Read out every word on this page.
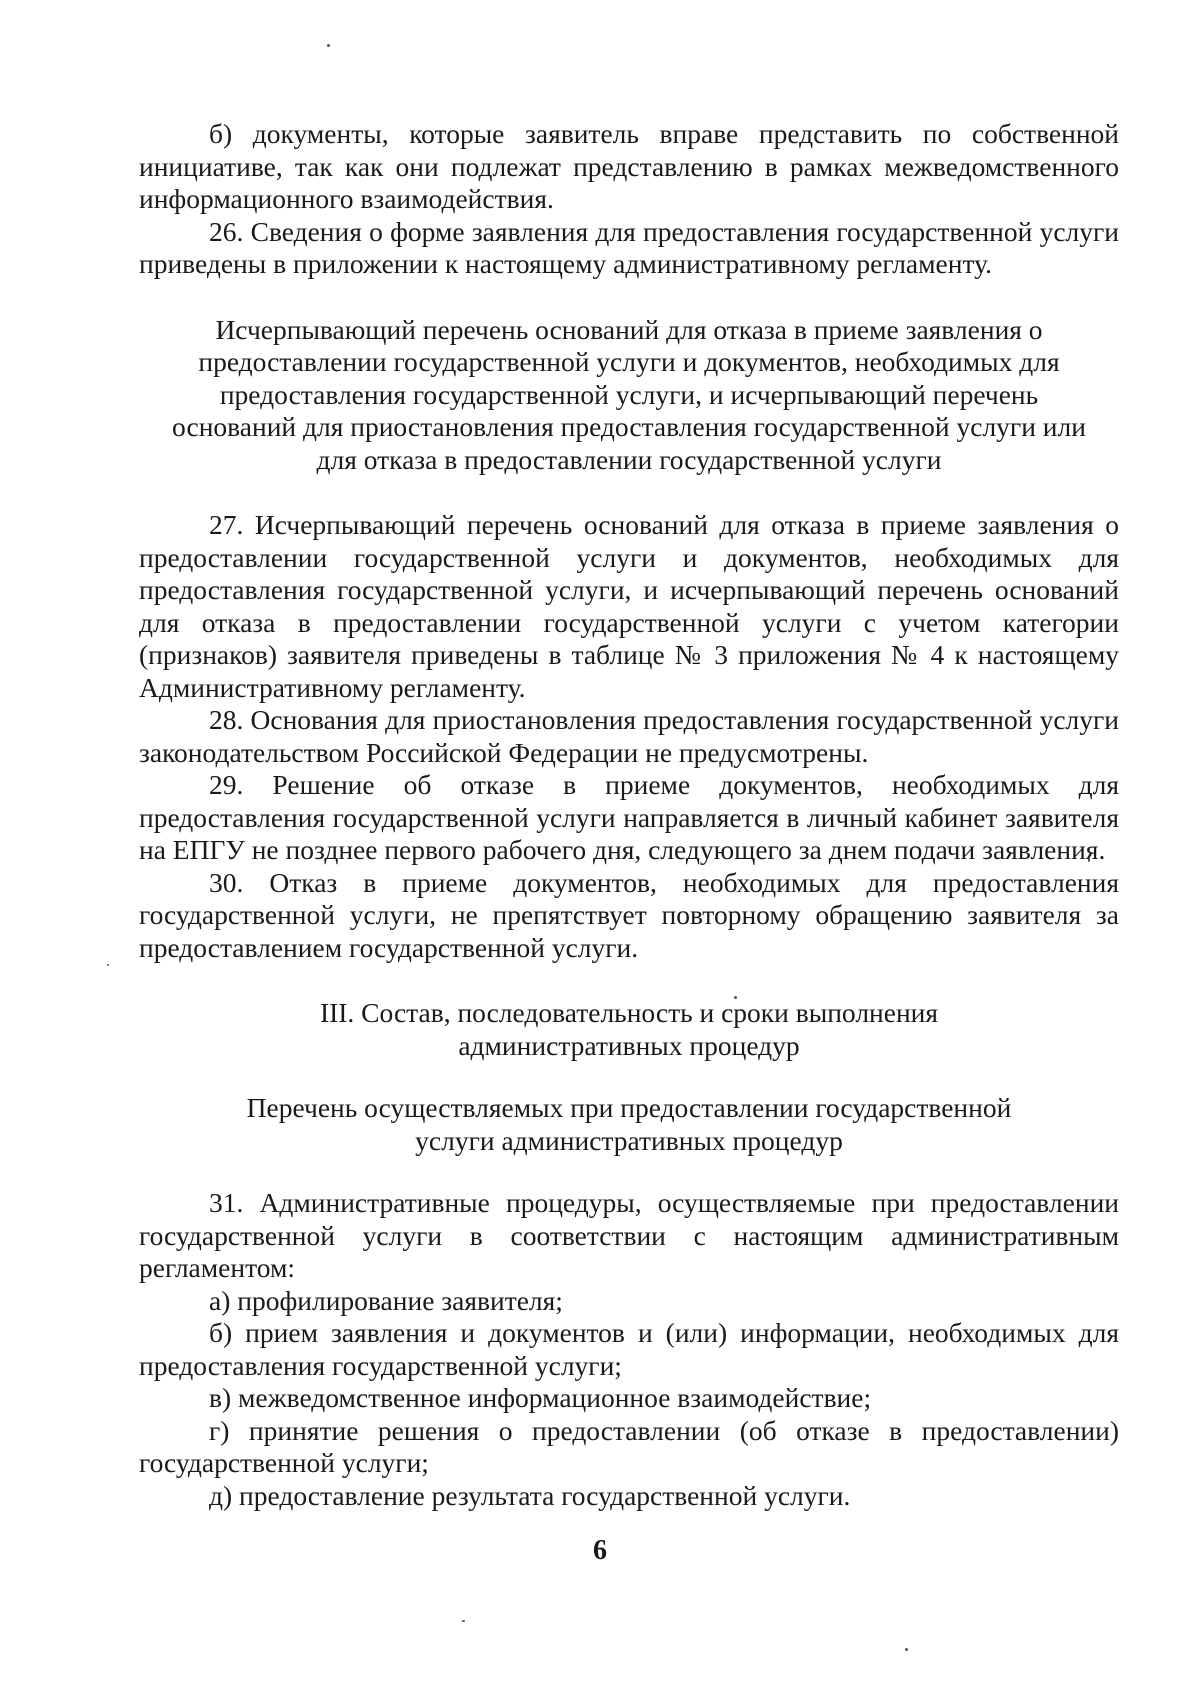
б) документы, которые заявитель вправе представить по собственной инициативе, так как они подлежат представлению в рамках межведомственного информационного взаимодействия.

26. Сведения о форме заявления для предоставления государственной услуги приведены в приложении к настоящему административному регламенту.

Исчерпывающий перечень оснований для отказа в приеме заявления о предоставлении государственной услуги и документов, необходимых для предоставления государственной услуги, и исчерпывающий перечень оснований для приостановления предоставления государственной услуги или для отказа в предоставлении государственной услуги

27. Исчерпывающий перечень оснований для отказа в приеме заявления о предоставлении государственной услуги и документов, необходимых для предоставления государственной услуги, и исчерпывающий перечень оснований для отказа в предоставлении государственной услуги с учетом категории (признаков) заявителя приведены в таблице № 3 приложения № 4 к настоящему Административному регламенту.

28. Основания для приостановления предоставления государственной услуги законодательством Российской Федерации не предусмотрены.

29. Решение об отказе в приеме документов, необходимых для предоставления государственной услуги направляется в личный кабинет заявителя на ЕПГУ не позднее первого рабочего дня, следующего за днем подачи заявления.

30. Отказ в приеме документов, необходимых для предоставления государственной услуги, не препятствует повторному обращению заявителя за предоставлением государственной услуги.

III. Состав, последовательность и сроки выполнения административных процедур

Перечень осуществляемых при предоставлении государственной услуги административных процедур

31. Административные процедуры, осуществляемые при предоставлении государственной услуги в соответствии с настоящим административным регламентом:

а) профилирование заявителя;

б) прием заявления и документов и (или) информации, необходимых для предоставления государственной услуги;

в) межведомственное информационное взаимодействие;

г) принятие решения о предоставлении (об отказе в предоставлении) государственной услуги;

д) предоставление результата государственной услуги.

6
